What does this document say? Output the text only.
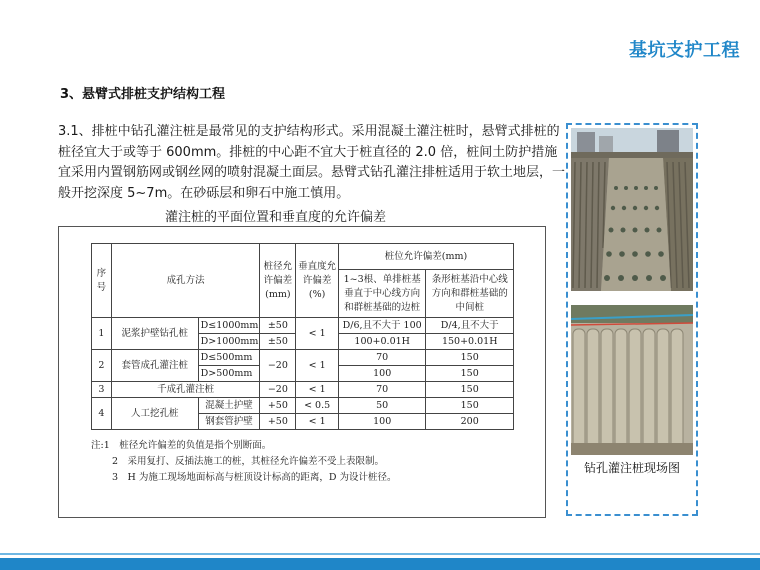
基坑支护工程
3、悬臂式排桩支护结构工程
3.1、排桩中钻孔灌注桩是最常见的支护结构形式。采用混凝土灌注桩时，悬臂式排桩的桩径宜大于或等于 600mm。排桩的中心距不宜大于桩直径的 2.0 倍，桩间土防护措施宜采用内置钢筋网或钢丝网的喷射混凝土面层。悬臂式钻孔灌注排桩适用于软土地层，一般开挖深度 5~7m。在砂砾层和卵石中施工慎用。
灌注桩的平面位置和垂直度的允许偏差
序号	成孔方法		桩径允许偏差(mm)	垂直度允许偏差(%)	桩位允许偏差(mm)	
					1~3根、单排桩基垂直于中心线方向和群桩基础的边桩	条形桩基沿中心线方向和群桩基础的中间桩
1	泥浆护壁钻孔桩	D≤1000mm	±50	< 1	D/6,且不大于 100	D/4,且不大于
		D>1000mm	±50		100+0.01H	150+0.01H
2	套管成孔灌注桩	D≤500mm	−20	< 1	70	150
		D>500mm			100	150
3	千成孔灌注桩		−20	< 1	70	150
4	人工挖孔桩	混凝土护壁	+50	< 0.5	50	150
		钢套管护壁	+50	< 1	100	200
注:1　桩径允许偏差的负值是指个别断面。
2　采用复打、反插法施工的桩，其桩径允许偏差不受上表限制。
3　H 为施工现场地面标高与桩顶设计标高的距离，D 为设计桩径。
钻孔灌注桩现场图
